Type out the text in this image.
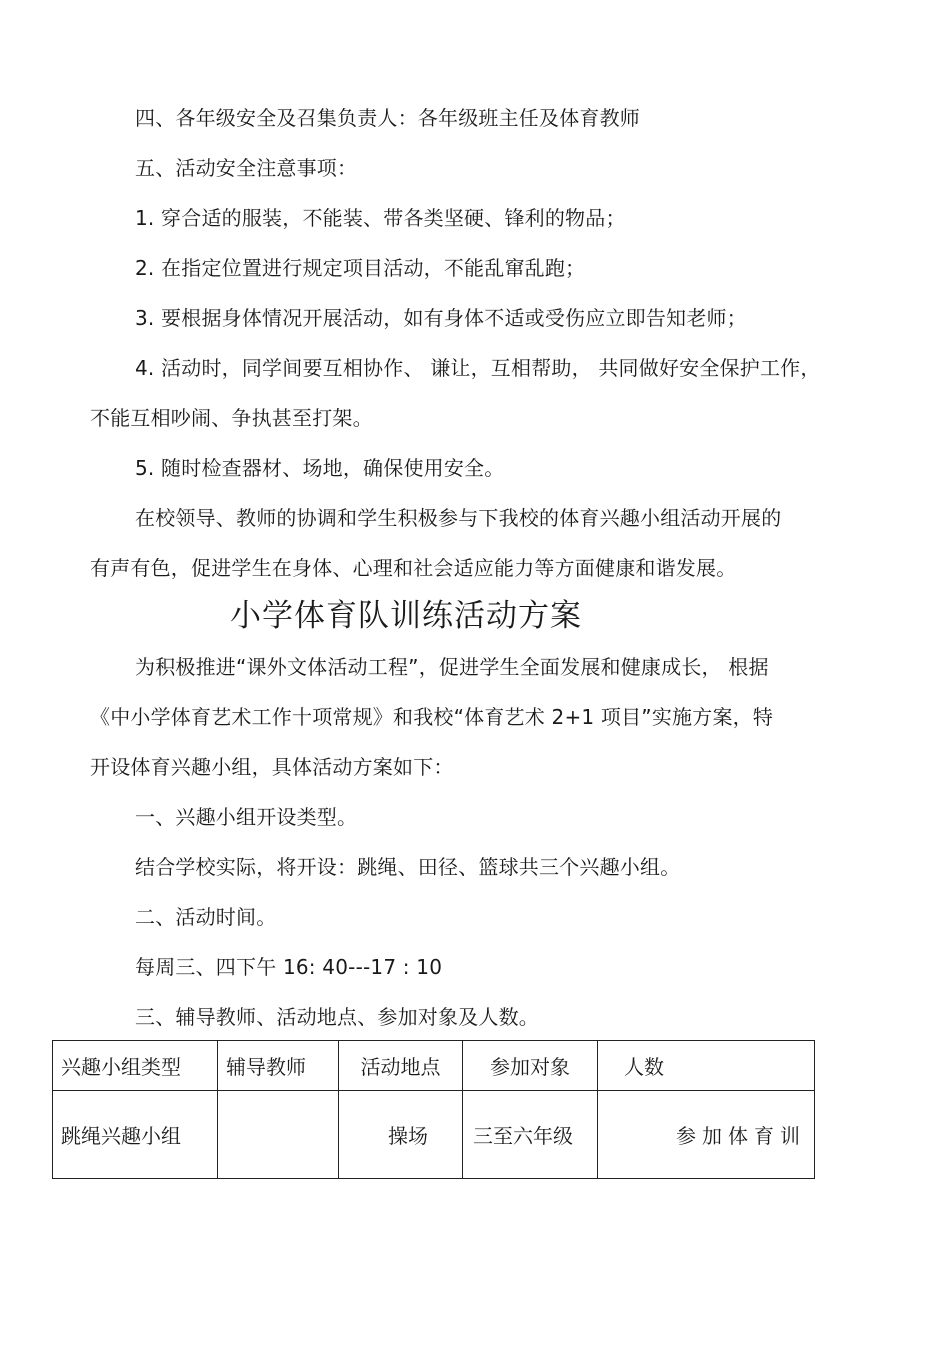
四、各年级安全及召集负责人：各年级班主任及体育教师
五、活动安全注意事项：
1. 穿合适的服装，不能装、带各类坚硬、锋利的物品；
2. 在指定位置进行规定项目活动，不能乱窜乱跑；
3. 要根据身体情况开展活动，如有身体不适或受伤应立即告知老师；
4. 活动时，同学间要互相协作、 谦让，互相帮助， 共同做好安全保护工作，
不能互相吵闹、争执甚至打架。
5. 随时检查器材、场地，确保使用安全。
在校领导、教师的协调和学生积极参与下我校的体育兴趣小组活动开展的
有声有色，促进学生在身体、心理和社会适应能力等方面健康和谐发展。
小学体育队训练活动方案
为积极推进“课外文体活动工程”，促进学生全面发展和健康成长， 根据
《中小学体育艺术工作十项常规》和我校“体育艺术 2+1 项目”实施方案，特
开设体育兴趣小组，具体活动方案如下：
一、兴趣小组开设类型。
结合学校实际，将开设：跳绳、田径、篮球共三个兴趣小组。
二、活动时间。
每周三、四下午 16: 40---17 : 10
三、辅导教师、活动地点、参加对象及人数。
兴趣小组类型	辅导教师	活动地点	参加对象	人数
跳绳兴趣小组		操场	三至六年级	参加体育训
